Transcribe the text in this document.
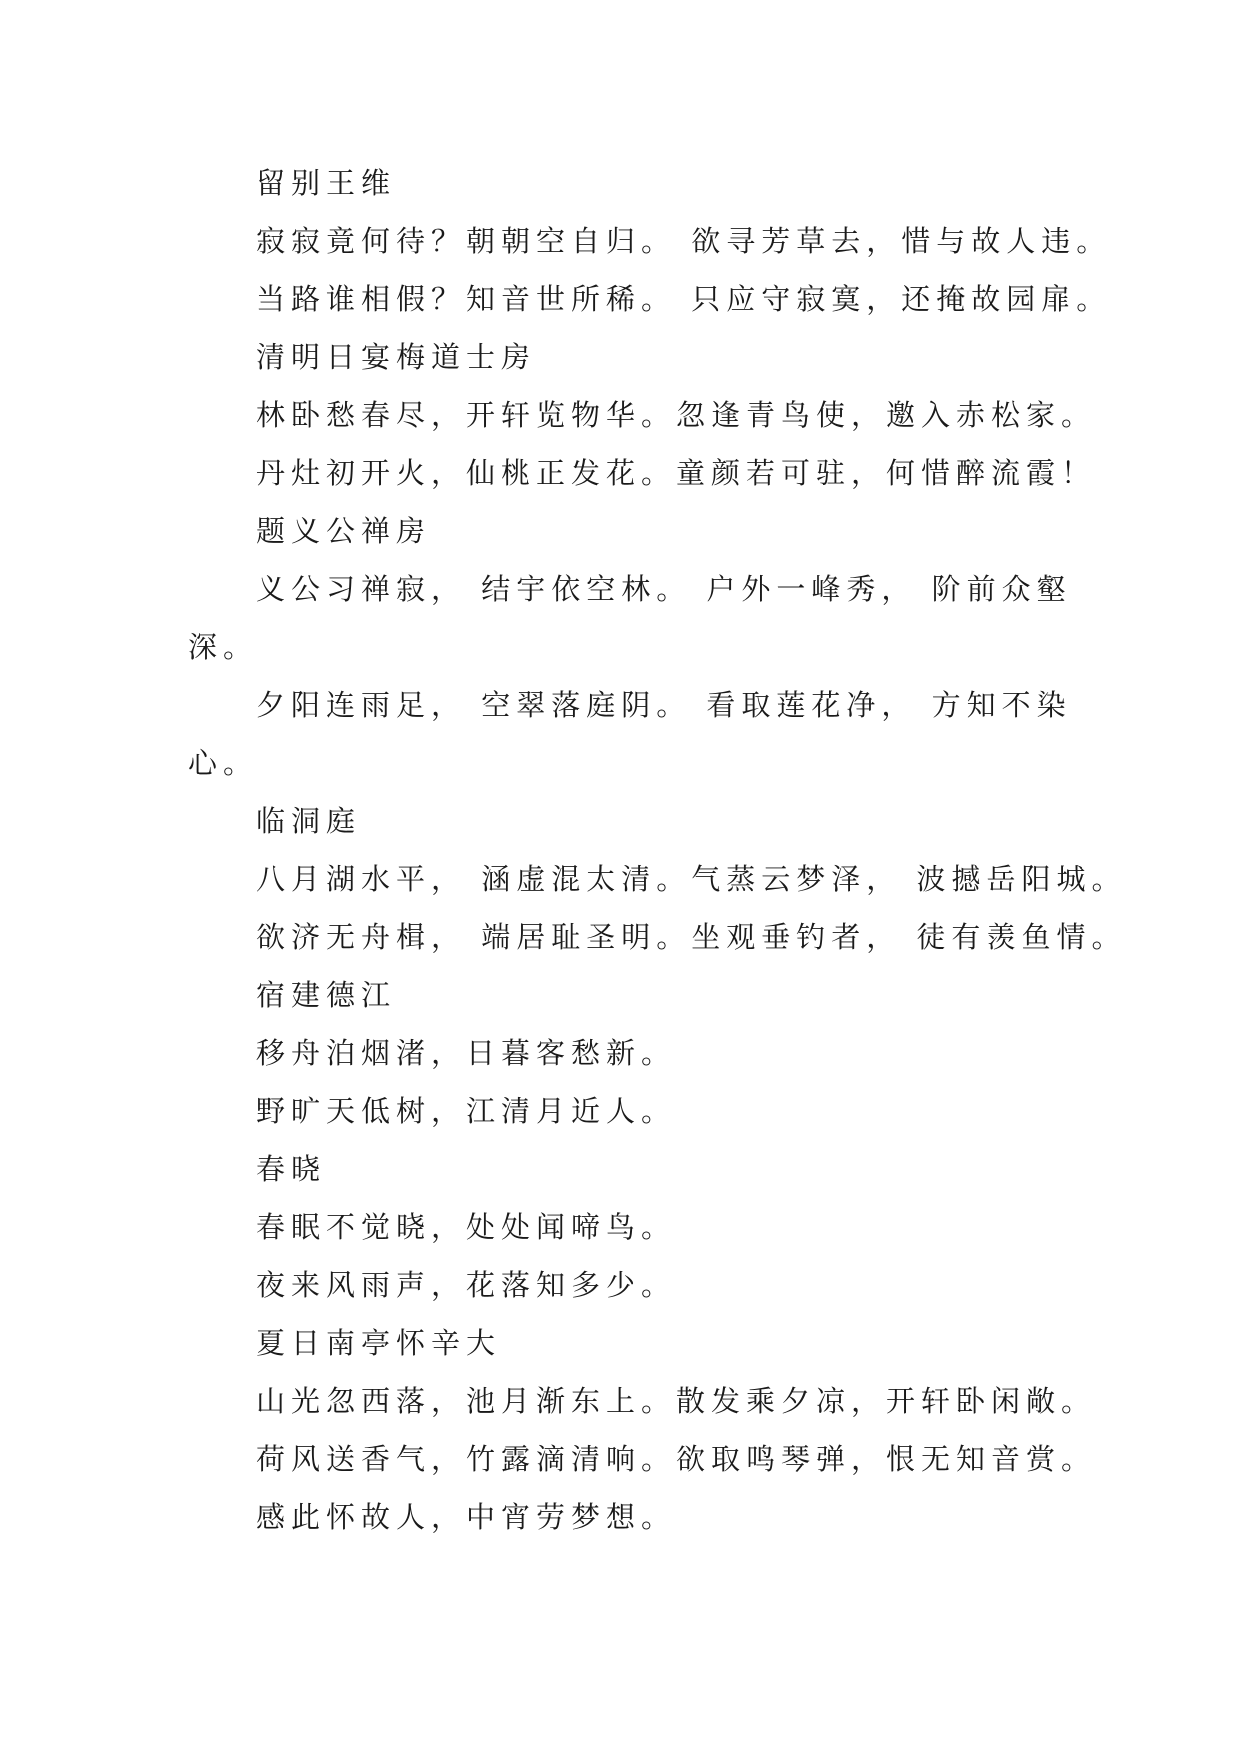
留别王维
寂寂竟何待？朝朝空自归。 欲寻芳草去，惜与故人违。
当路谁相假？知音世所稀。 只应守寂寞，还掩故园扉。
清明日宴梅道士房
林卧愁春尽，开轩览物华。忽逢青鸟使，邀入赤松家。
丹灶初开火，仙桃正发花。童颜若可驻，何惜醉流霞！
题义公禅房
义公习禅寂， 结宇依空林。 户外一峰秀， 阶前众壑
深。
夕阳连雨足， 空翠落庭阴。 看取莲花净， 方知不染
心。
临洞庭
八月湖水平， 涵虚混太清。气蒸云梦泽， 波撼岳阳城。
欲济无舟楫， 端居耻圣明。坐观垂钓者， 徒有羡鱼情。
宿建德江
移舟泊烟渚，日暮客愁新。
野旷天低树，江清月近人。
春晓
春眠不觉晓，处处闻啼鸟。
夜来风雨声，花落知多少。
夏日南亭怀辛大
山光忽西落，池月渐东上。散发乘夕凉，开轩卧闲敞。
荷风送香气，竹露滴清响。欲取鸣琴弹，恨无知音赏。
感此怀故人，中宵劳梦想。
